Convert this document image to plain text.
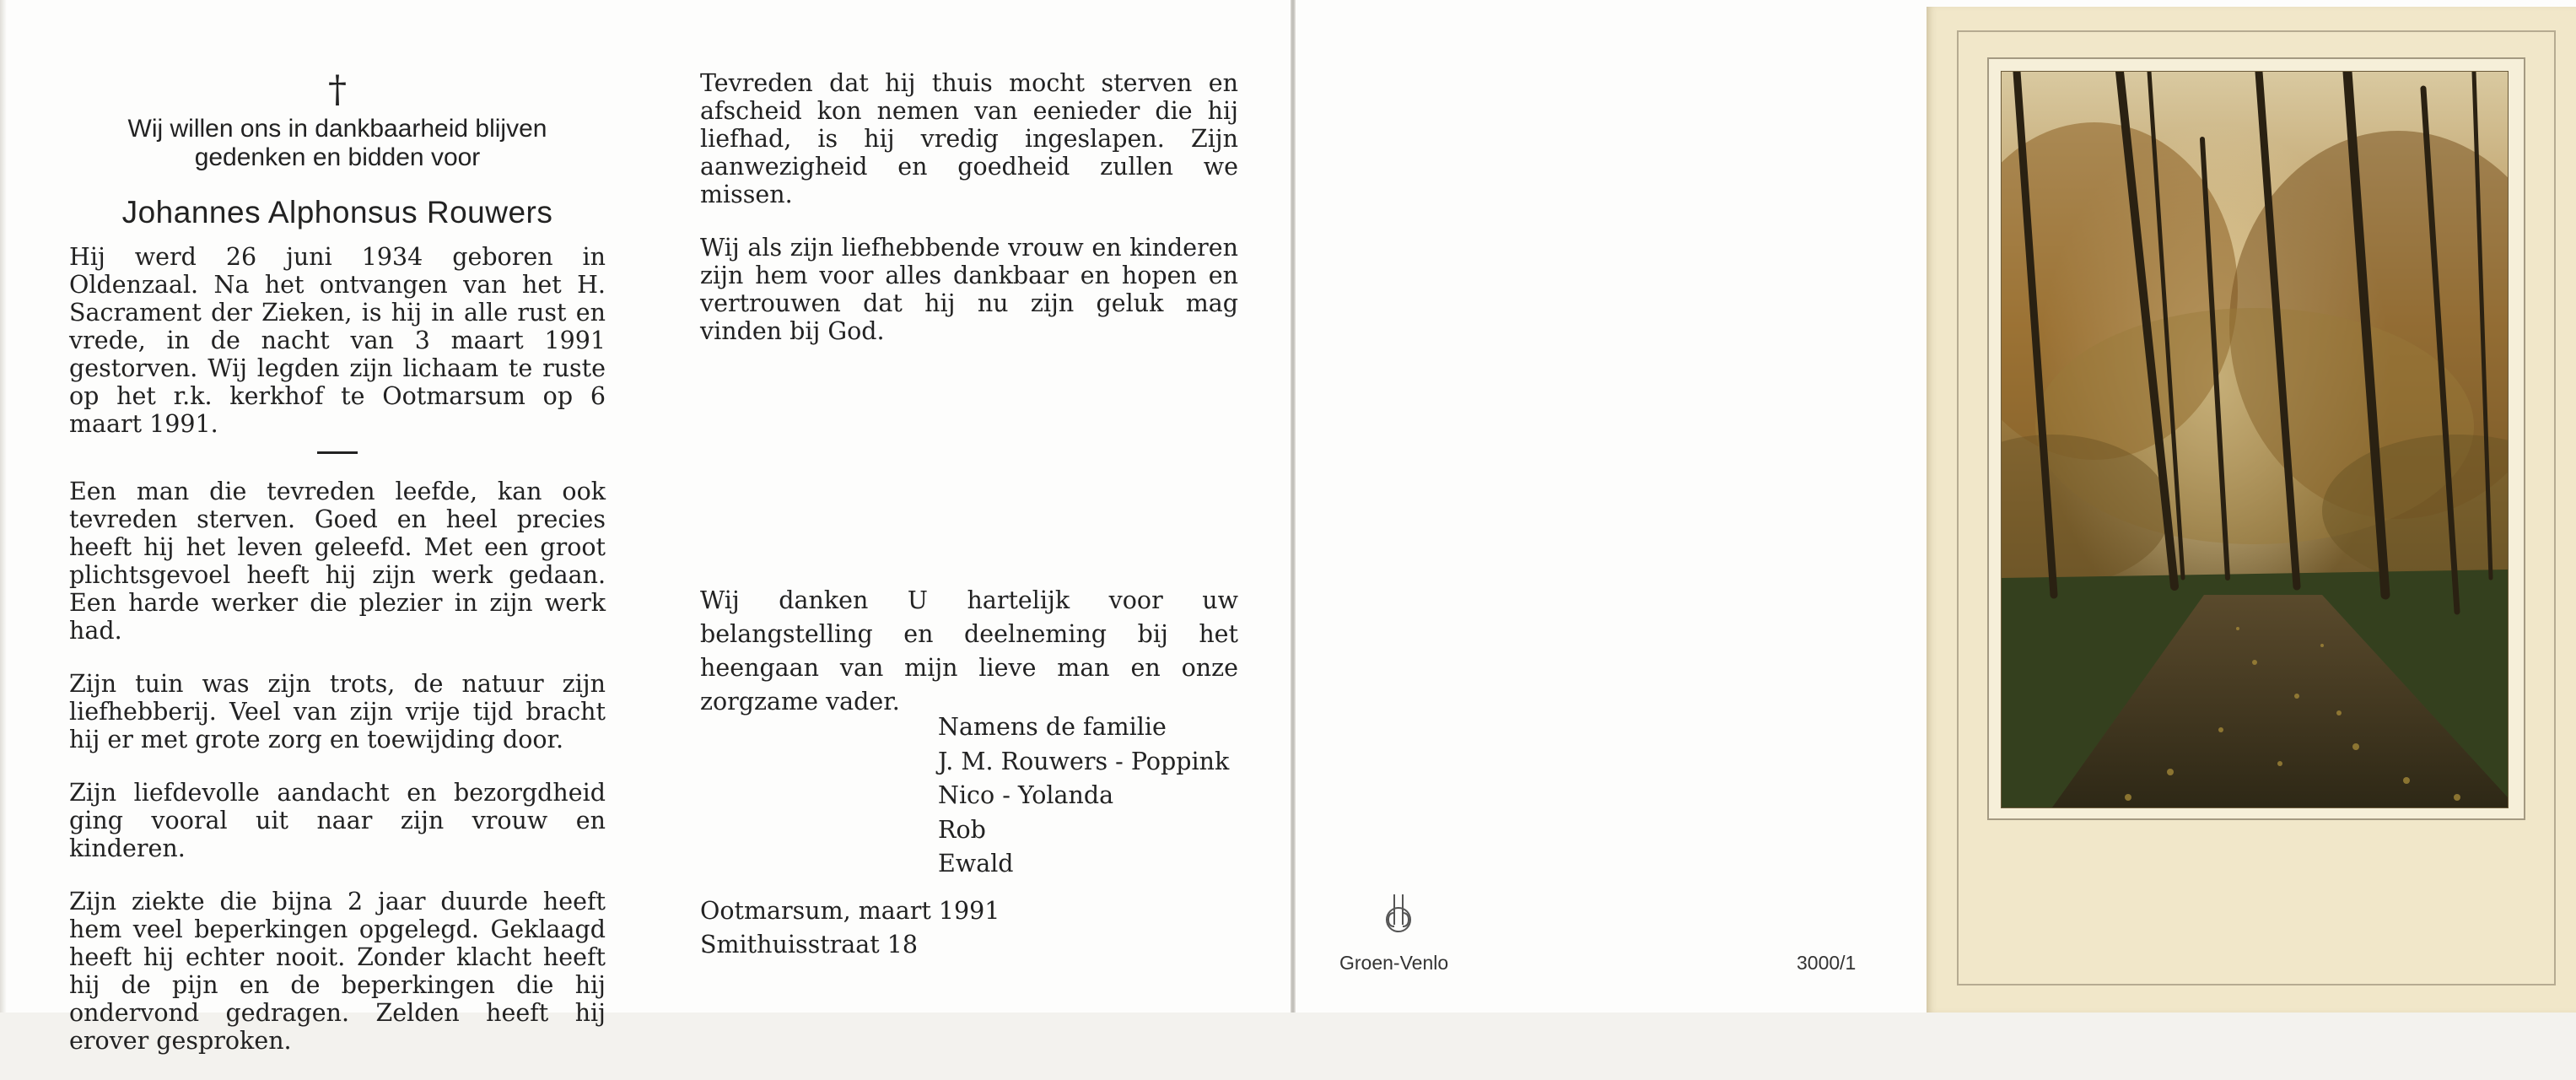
†
Wij willen ons in dankbaarheid blijven
gedenken en bidden voor
Johannes Alphonsus Rouwers

Hij werd 26 juni 1934 geboren in Oldenzaal. Na het ontvangen van het H. Sacrament der Zieken, is hij in alle rust en vrede, in de nacht van 3 maart 1991 gestorven. Wij legden zijn lichaam te ruste op het r.k. kerkhof te Ootmarsum op 6 maart 1991.

Een man die tevreden leefde, kan ook tevreden sterven. Goed en heel precies heeft hij het leven geleefd. Met een groot plichtsgevoel heeft hij zijn werk gedaan. Een harde werker die plezier in zijn werk had.

Zijn tuin was zijn trots, de natuur zijn liefhebberij. Veel van zijn vrije tijd bracht hij er met grote zorg en toewijding door.

Zijn liefdevolle aandacht en bezorgdheid ging vooral uit naar zijn vrouw en kinderen.

Zijn ziekte die bijna 2 jaar duurde heeft hem veel beperkingen opgelegd. Geklaagd heeft hij echter nooit. Zonder klacht heeft hij de pijn en de beperkingen die hij ondervond gedragen. Zelden heeft hij erover gesproken.

Tevreden dat hij thuis mocht sterven en afscheid kon nemen van eenieder die hij liefhad, is hij vredig ingeslapen. Zijn aanwezigheid en goedheid zullen we missen.

Wij als zijn liefhebbende vrouw en kinderen zijn hem voor alles dankbaar en hopen en vertrouwen dat hij nu zijn geluk mag vinden bij God.

Wij danken U hartelijk voor uw belangstelling en deelneming bij het heengaan van mijn lieve man en onze zorgzame vader.
Namens de familie
J. M. Rouwers - Poppink
Nico - Yolanda
Rob
Ewald
Ootmarsum, maart 1991
Smithuisstraat 18
Groen-Venlo	3000/1
